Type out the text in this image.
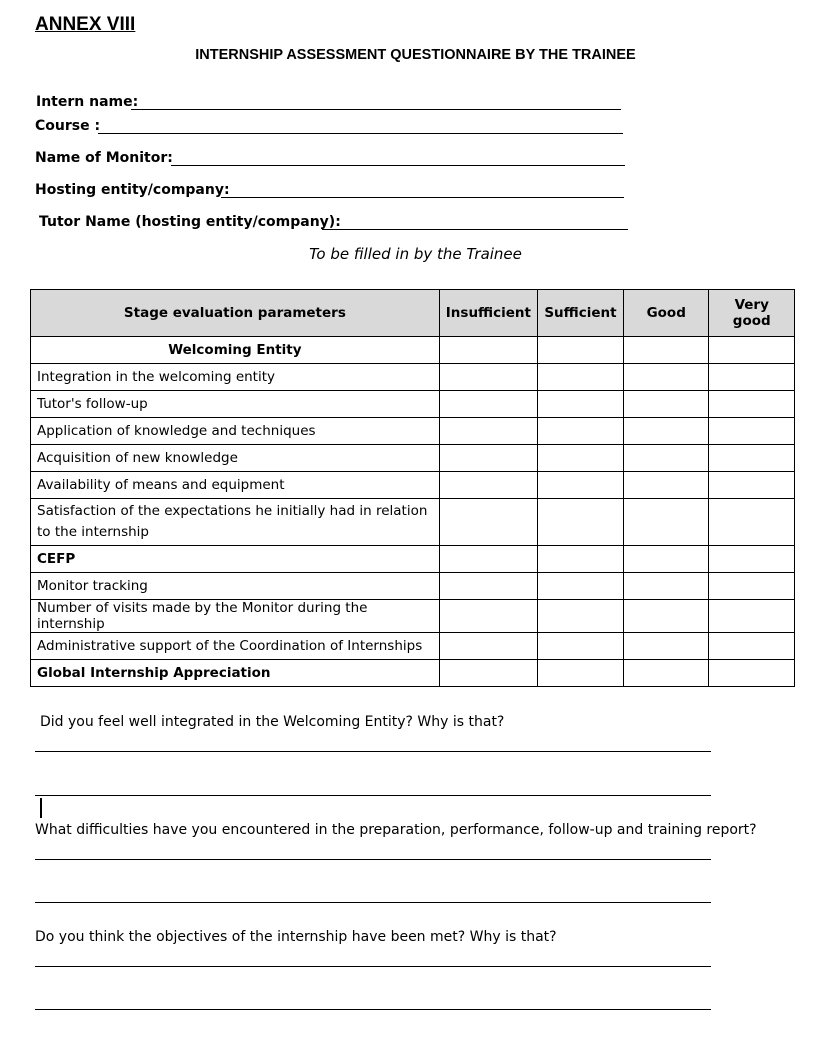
ANNEX VIII
INTERNSHIP ASSESSMENT QUESTIONNAIRE BY THE TRAINEE
Intern name:
Course :
Name of Monitor:
Hosting entity/company:
Tutor Name (hosting entity/company):
To be filled in by the Trainee
Stage evaluation parameters	Insufficient	Sufficient	Good	Very good
Welcoming Entity				
Integration in the welcoming entity				
Tutor's follow-up				
Application of knowledge and techniques				
Acquisition of new knowledge				
Availability of means and equipment				
Satisfaction of the expectations he initially had in relation to the internship				
CEFP				
Monitor tracking				
Number of visits made by the Monitor during the internship				
Administrative support of the Coordination of Internships				
Global Internship Appreciation				
Did you feel well integrated in the Welcoming Entity? Why is that?
What difficulties have you encountered in the preparation, performance, follow-up and training report?
Do you think the objectives of the internship have been met? Why is that?
